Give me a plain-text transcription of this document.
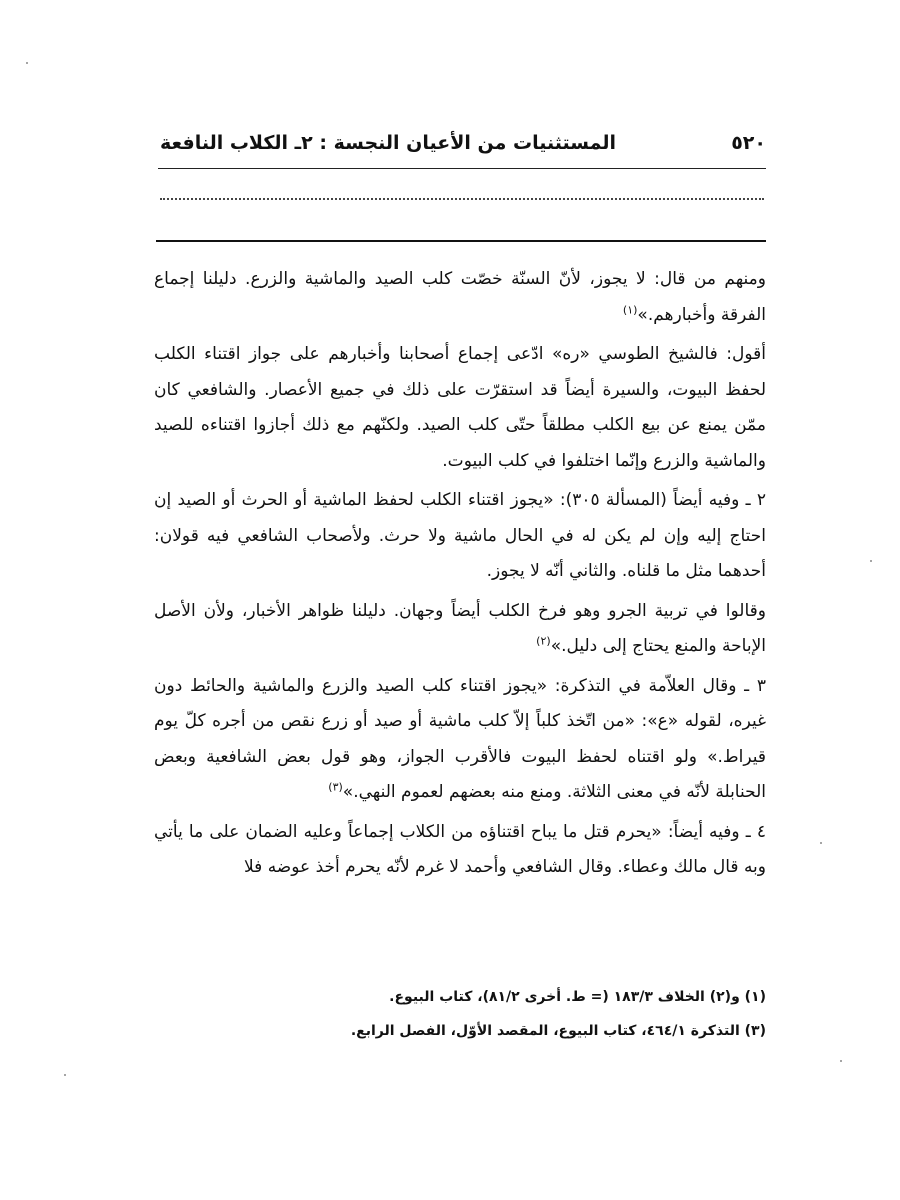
٥٢٠
المستثنيات من الأعيان النجسة : ٢ـ الكلاب النافعة

ومنهم من قال: لا يجوز، لأنّ السنّة خصّت كلب الصيد والماشية والزرع. دليلنا إجماع الفرقة وأخبارهم.»$^{(١)}$

أقول: فالشيخ الطوسي «ره» ادّعى إجماع أصحابنا وأخبارهم على جواز اقتناء الكلب لحفظ البيوت، والسيرة أيضاً قد استقرّت على ذلك في جميع الأعصار. والشافعي كان ممّن يمنع عن بيع الكلب مطلقاً حتّى كلب الصيد. ولكنّهم مع ذلك أجازوا اقتناءه للصيد والماشية والزرع وإنّما اختلفوا في كلب البيوت.

٢ ـ وفيه أيضاً (المسألة ٣٠٥): «يجوز اقتناء الكلب لحفظ الماشية أو الحرث أو الصيد إن احتاج إليه وإن لم يكن له في الحال ماشية ولا حرث. ولأصحاب الشافعي فيه قولان: أحدهما مثل ما قلناه. والثاني أنّه لا يجوز.

وقالوا في تربية الجرو وهو فرخ الكلب أيضاً وجهان. دليلنا ظواهر الأخبار، ولأن الأصل الإباحة والمنع يحتاج إلى دليل.»$^{(٢)}$

٣ ـ وقال العلاّمة في التذكرة: «يجوز اقتناء كلب الصيد والزرع والماشية والحائط دون غيره، لقوله «ع»: «من اتّخذ كلباً إلاّ كلب ماشية أو صيد أو زرع نقص من أجره كلّ يوم قيراط.» ولو اقتناه لحفظ البيوت فالأقرب الجواز، وهو قول بعض الشافعية وبعض الحنابلة لأنّه في معنى الثلاثة. ومنع منه بعضهم لعموم النهي.»$^{(٣)}$

٤ ـ وفيه أيضاً: «يحرم قتل ما يباح اقتناؤه من الكلاب إجماعاً وعليه الضمان على ما يأتي وبه قال مالك وعطاء. وقال الشافعي وأحمد لا غرم لأنّه يحرم أخذ عوضه فلا

(١) و(٢) الخلاف ١٨٣/٣ (= ط. أخرى ٨١/٢)، كتاب البيوع.

(٣) التذكرة ٤٦٤/١، كتاب البيوع، المقصد الأوّل، الفصل الرابع.
